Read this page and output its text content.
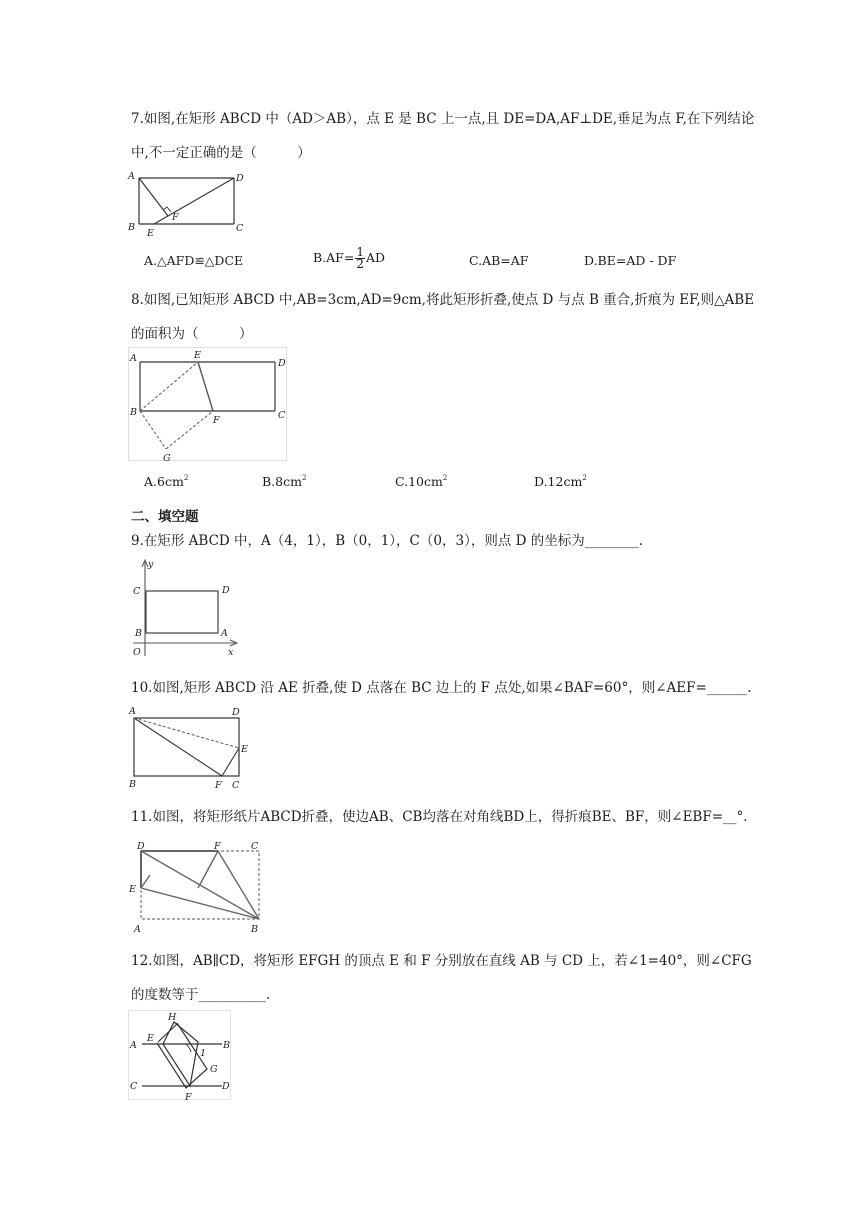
7.如图,在矩形 ABCD 中（AD＞AB），点 E 是 BC 上一点,且 DE=DA,AF⊥DE,垂足为点 F,在下列结论
中,不一定正确的是（　　　）
A	D
B	C
E
F
A.△AFD≌△DCE	$B.AF= \frac{1}{2}$ AD	C.AB=AF	D.BE=AD - DF
8.如图,已知矩形 ABCD 中,AB=3cm,AD=9cm,将此矩形折叠,使点 D 与点 B 重合,折痕为 EF,则△ABE
的面积为（　　　）
A	E
D
B	C
F
G
$A.6cm^2$	$B.8cm^2$	$C.10cm^2$	$D.12cm^2$
二、填空题
9.在矩形 ABCD 中，A（4，1），B（0，1），C（0，3），则点 D 的坐标为________.
y
C	D
B	A
O	x
10.如图,矩形 ABCD 沿 AE 折叠,使 D 点落在 BC 边上的 F 点处,如果∠BAF=60°，则∠AEF=______.
A	D
E
B	F C
11.如图，将矩形纸片ABCD折叠，使边AB、CB均落在对角线BD上，得折痕BE、BF，则∠EBF=__°．
D	F	C
E
A	B
12.如图，AB∥CD，将矩形 EFGH 的顶点 E 和 F 分别放在直线 AB 与 CD 上，若∠1=40°，则∠CFG
的度数等于__________.
H
A
E
B
1
G
C	D
F
